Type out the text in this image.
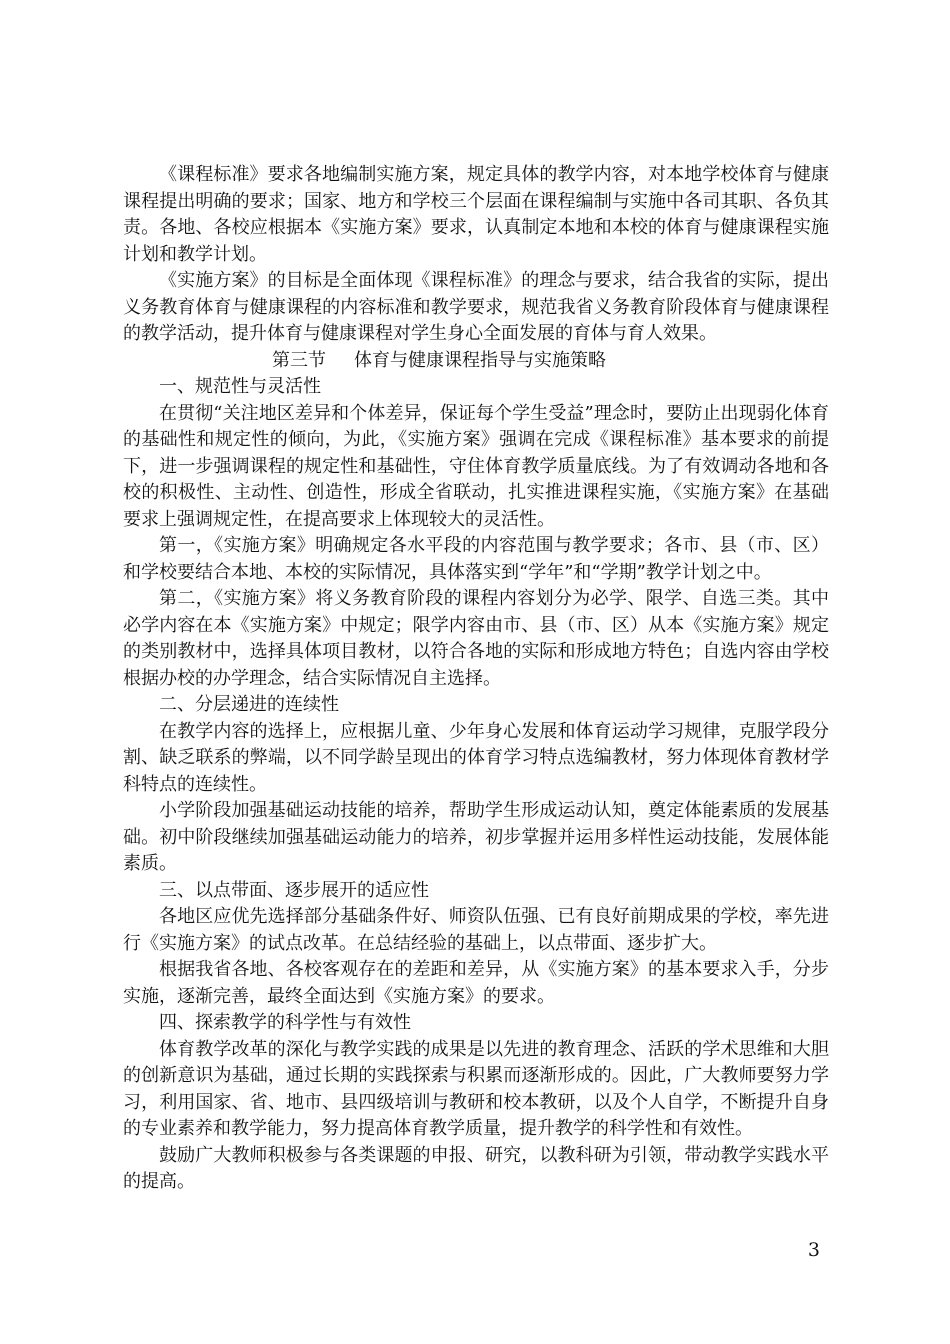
《课程标准》要求各地编制实施方案，规定具体的教学内容，对本地学校体育与健康课程提出明确的要求；国家、地方和学校三个层面在课程编制与实施中各司其职、各负其责。各地、各校应根据本《实施方案》要求，认真制定本地和本校的体育与健康课程实施计划和教学计划。

《实施方案》的目标是全面体现《课程标准》的理念与要求，结合我省的实际，提出义务教育体育与健康课程的内容标准和教学要求，规范我省义务教育阶段体育与健康课程的教学活动，提升体育与健康课程对学生身心全面发展的育体与育人效果。

第三节 体育与健康课程指导与实施策略

一、规范性与灵活性

在贯彻“关注地区差异和个体差异，保证每个学生受益”理念时，要防止出现弱化体育的基础性和规定性的倾向，为此，《实施方案》强调在完成《课程标准》基本要求的前提下，进一步强调课程的规定性和基础性，守住体育教学质量底线。为了有效调动各地和各校的积极性、主动性、创造性，形成全省联动，扎实推进课程实施，《实施方案》在基础要求上强调规定性，在提高要求上体现较大的灵活性。

第一，《实施方案》明确规定各水平段的内容范围与教学要求；各市、县（市、区）和学校要结合本地、本校的实际情况，具体落实到“学年”和“学期”教学计划之中。

第二，《实施方案》将义务教育阶段的课程内容划分为必学、限学、自选三类。其中必学内容在本《实施方案》中规定；限学内容由市、县（市、区）从本《实施方案》规定的类别教材中，选择具体项目教材，以符合各地的实际和形成地方特色；自选内容由学校根据办校的办学理念，结合实际情况自主选择。

二、分层递进的连续性

在教学内容的选择上，应根据儿童、少年身心发展和体育运动学习规律，克服学段分割、缺乏联系的弊端，以不同学龄呈现出的体育学习特点选编教材，努力体现体育教材学科特点的连续性。

小学阶段加强基础运动技能的培养，帮助学生形成运动认知，奠定体能素质的发展基础。初中阶段继续加强基础运动能力的培养，初步掌握并运用多样性运动技能，发展体能素质。

三、以点带面、逐步展开的适应性

各地区应优先选择部分基础条件好、师资队伍强、已有良好前期成果的学校，率先进行《实施方案》的试点改革。在总结经验的基础上，以点带面、逐步扩大。

根据我省各地、各校客观存在的差距和差异，从《实施方案》的基本要求入手，分步实施，逐渐完善，最终全面达到《实施方案》的要求。

四、探索教学的科学性与有效性

体育教学改革的深化与教学实践的成果是以先进的教育理念、活跃的学术思维和大胆的创新意识为基础，通过长期的实践探索与积累而逐渐形成的。因此，广大教师要努力学习，利用国家、省、地市、县四级培训与教研和校本教研，以及个人自学，不断提升自身的专业素养和教学能力，努力提高体育教学质量，提升教学的科学性和有效性。

鼓励广大教师积极参与各类课题的申报、研究，以教科研为引领，带动教学实践水平的提高。

3
